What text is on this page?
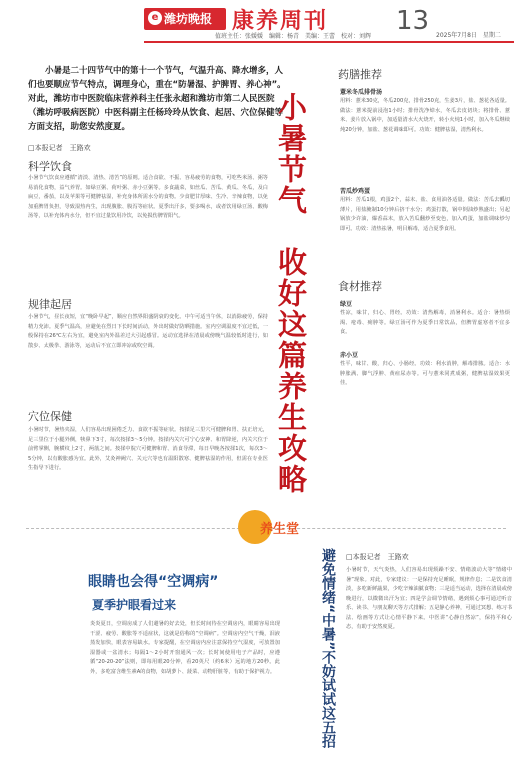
e 潍坊晚报 康养周刊	13
值班主任：张媛媛　编辑：杨青　美编：王蕾　校对：刘辉	2025年7月8日　星期二

小暑是二十四节气中的第十一个节气，气温升高、降水增多，人们也要顺应节气特点，调理身心，重在“防暑湿、护脾胃、养心神”。对此，潍坊市中医院临床营养科主任张永超和潍坊市第二人民医院（潍坊呼吸病医院）中医科副主任杨玲玲从饮食、起居、穴位保健等方面支招，助您安然度夏。

□本报记者　王路欢
科学饮食

小暑节气饮食应遵循“清淡、清热、清苦”的原则。适合食欲、不振、容易疲劳的食物，可吃些米汤、粥等易消化食物，益气养胃。如绿豆粥、荷叶粥、赤小豆粥等。多食蔬菜，如丝瓜、苦瓜、黄瓜、冬瓜，及白扁豆，番茄，以及苹果等可健脾祛湿，补充身体所需水分的食物。少食肥甘厚味、生冷、辛辣食物，以免加重脾胃负担，导致湿热内生，出现腹胀、腹泻等症状。夏季出汗多，要多喝水，或者饮用绿豆汤、酸梅汤等，以补充体内水分，但不宜过量饮用冷饮，以免损伤脾胃阳气。

规律起居

小暑节气，昼长夜短，宜“晚卧早起”，顺应自然界阳盛阴衰的变化。中午可适当午休，以消除疲劳，保持精力充沛。夏季气温高，应避免在烈日下长时间活动，外出时做好防晒措施。室内空调温度不宜过低，一般保持在26℃左右为宜，避免室内外温差过大引起感冒。运动宜选择在清晨或傍晚气温较低时进行，如散步、太极拳、游泳等，运动后不宜立即冲凉或吹空调。

穴位保健

小暑时节，暑热夹湿，人们容易出现困倦乏力、食欲不振等症状。按揉足三里穴可健脾和胃、扶正培元，足三里位于小腿外侧，犊鼻下3寸，每次按揉3～5分钟。按揉内关穴可宁心安神、和胃降逆，内关穴位于前臂掌侧，腕横纹上2寸，两筋之间。按揉中脘穴可健脾和胃、消食导滞，每日早晚各按揉1次，每次3～5分钟，以有酸胀感为宜。此外，艾灸神阙穴、关元穴等也有温阳散寒、健脾祛湿的作用，但需在专业医生指导下进行。	小暑节气　收好这篇养生攻略
药膳推荐
薏米冬瓜排骨汤

用料：薏米30克，冬瓜200克，排骨250克，生姜3片，盐、葱花各适量。做法：薏米提前浸泡1小时；排骨洗净焯水，冬瓜去皮切块；将排骨、薏米、姜片放入锅中，加适量清水大火烧开，转小火炖1小时，加入冬瓜继续炖20分钟，加盐、葱花调味即可。功效：健脾祛湿，清热利水。

苦瓜炒鸡蛋

用料：苦瓜1根，鸡蛋2个，蒜末、盐、食用油各适量。做法：苦瓜去瓤切薄片，用盐腌制10分钟后挤干水分；鸡蛋打散，锅中倒油炒熟盛出；另起锅放少许油，爆香蒜末，放入苦瓜翻炒至变色，加入鸡蛋，加盐调味炒匀即可。功效：清热祛暑，明目解毒，适合夏季食用。

食材推荐
绿豆

性凉，味甘，归心、胃经。功效：清热解毒，消暑利水。适合：暑热烦渴、疮毒、痈肿等。绿豆汤可作为夏季日常饮品，但脾胃虚寒者不宜多食。

赤小豆

性平，味甘、酸，归心、小肠经。功效：利水消肿，解毒排脓。适合：水肿胀满、脚气浮肿、黄疸尿赤等。可与薏米同煮成粥，健脾祛湿效果更佳。

养生堂
眼睛也会得“空调病”
夏季护眼看过来

炎炎夏日，空调房成了人们避暑的好去处，但长时间待在空调房内，眼睛容易出现干涩、疲劳、酸胀等不适症状，这就是俗称的“空调病”。空调房内空气干燥，泪液蒸发加快，眼表容易缺水。专家提醒，在空调房内应注意保持空气湿度，可放置加湿器或一盆清水；每隔1～2小时开窗通风一次；长时间使用电子产品时，应遵循“20-20-20”法则，即每用眼20分钟，看20英尺（约6米）远的地方20秒。此外，多吃富含维生素A的食物，如胡萝卜、菠菜、动物肝脏等，有助于保护视力。	避免情绪“中暑”不妨试试这五招 □本报记者　王路欢

小暑时节，天气炎热，人们容易出现烦躁不安、情绪波动大等“情绪中暑”现象。对此，专家建议：一是保持充足睡眠，规律作息；二是饮食清淡，多吃新鲜蔬果，少吃辛辣油腻食物；三是适当运动，选择在清晨或傍晚进行，以微微出汗为宜；四是学会调节情绪，遇到烦心事可通过听音乐、读书、与朋友聊天等方式排解；五是静心养神，可通过冥想、练习书法、绘画等方式让心情平静下来。中医讲“心静自然凉”，保持平和心态，有助于安然度夏。
